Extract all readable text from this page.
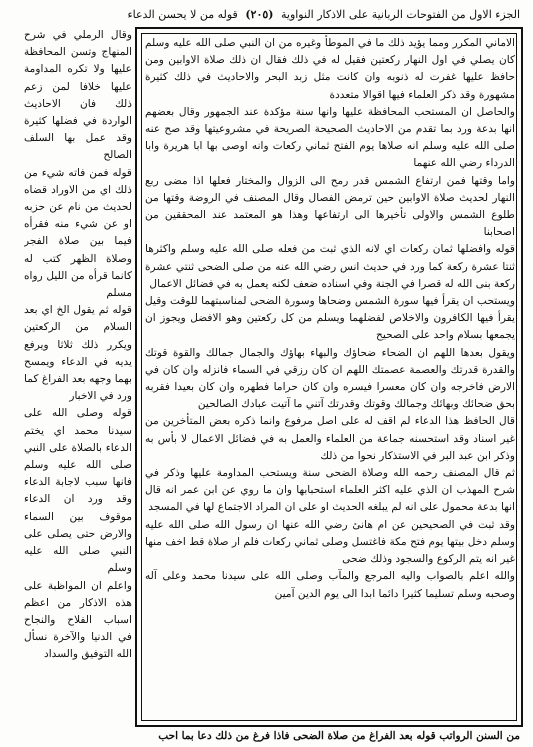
الجزء الاول من الفتوحات الربانية على الاذكار النواوية (٢٠٥) قوله من لا يحسن الدعاء

وقال الرملي في شرح المنهاج وتسن المحافظة عليها ولا تكره المداومة عليها خلافا لمن زعم ذلك فان الاحاديث الواردة في فضلها كثيرة وقد عمل بها السلف الصالح

قوله فمن فاته شيء من ذلك اي من الاوراد قضاه لحديث من نام عن حزبه او عن شيء منه فقرأه فيما بين صلاة الفجر وصلاة الظهر كتب له كانما قرأه من الليل رواه مسلم

قوله ثم يقول الخ اي بعد السلام من الركعتين ويكرر ذلك ثلاثا ويرفع يديه في الدعاء ويمسح بهما وجهه بعد الفراغ كما ورد في الاخبار

قوله وصلى الله على سيدنا محمد اي يختم الدعاء بالصلاة على النبي صلى الله عليه وسلم فانها سبب لاجابة الدعاء وقد ورد ان الدعاء موقوف بين السماء والارض حتى يصلى على النبي صلى الله عليه وسلم

واعلم ان المواظبة على هذه الاذكار من اعظم اسباب الفلاح والنجاح في الدنيا والآخرة نسأل الله التوفيق والسداد

الاماني المكرر ومما يؤيد ذلك ما في الموطأ وغيره من ان النبي صلى الله عليه وسلم كان يصلي في اول النهار ركعتين فقيل له في ذلك فقال ان ذلك صلاة الاوابين ومن حافظ عليها غفرت له ذنوبه وان كانت مثل زبد البحر والاحاديث في ذلك كثيرة مشهورة وقد ذكر العلماء فيها اقوالا متعددة

والحاصل ان المستحب المحافظة عليها وانها سنة مؤكدة عند الجمهور وقال بعضهم انها بدعة ورد بما تقدم من الاحاديث الصحيحة الصريحة في مشروعيتها وقد صح عنه صلى الله عليه وسلم انه صلاها يوم الفتح ثماني ركعات وانه اوصى بها ابا هريرة وابا الدرداء رضي الله عنهما

واما وقتها فمن ارتفاع الشمس قدر رمح الى الزوال والمختار فعلها اذا مضى ربع النهار لحديث صلاة الاوابين حين ترمض الفصال وقال المصنف في الروضة وقتها من طلوع الشمس والاولى تأخيرها الى ارتفاعها وهذا هو المعتمد عند المحققين من اصحابنا

قوله وافضلها ثمان ركعات اي لانه الذي ثبت من فعله صلى الله عليه وسلم واكثرها ثنتا عشرة ركعة كما ورد في حديث انس رضي الله عنه من صلى الضحى ثنتي عشرة ركعة بنى الله له قصرا في الجنة وفي اسناده ضعف لكنه يعمل به في فضائل الاعمال

ويستحب ان يقرأ فيها سورة الشمس وضحاها وسورة الضحى لمناسبتهما للوقت وقيل يقرأ فيها الكافرون والاخلاص لفضلهما ويسلم من كل ركعتين وهو الافضل ويجوز ان يجمعها بسلام واحد على الصحيح

ويقول بعدها اللهم ان الضحاء ضحاؤك والبهاء بهاؤك والجمال جمالك والقوة قوتك والقدرة قدرتك والعصمة عصمتك اللهم ان كان رزقي في السماء فانزله وان كان في الارض فاخرجه وان كان معسرا فيسره وان كان حراما فطهره وان كان بعيدا فقربه بحق ضحائك وبهائك وجمالك وقوتك وقدرتك آتني ما آتيت عبادك الصالحين

قال الحافظ هذا الدعاء لم اقف له على اصل مرفوع وانما ذكره بعض المتأخرين من غير اسناد وقد استحسنه جماعة من العلماء والعمل به في فضائل الاعمال لا بأس به وذكر ابن عبد البر في الاستذكار نحوا من ذلك

ثم قال المصنف رحمه الله وصلاة الضحى سنة ويستحب المداومة عليها وذكر في شرح المهذب ان الذي عليه اكثر العلماء استحبابها وان ما روي عن ابن عمر انه قال انها بدعة محمول على انه لم يبلغه الحديث او على ان المراد الاجتماع لها في المسجد

وقد ثبت في الصحيحين عن ام هانئ رضي الله عنها ان رسول الله صلى الله عليه وسلم دخل بيتها يوم فتح مكة فاغتسل وصلى ثماني ركعات فلم ار صلاة قط اخف منها غير انه يتم الركوع والسجود وذلك ضحى

والله اعلم بالصواب واليه المرجع والمآب وصلى الله على سيدنا محمد وعلى آله وصحبه وسلم تسليما كثيرا دائما ابدا الى يوم الدين آمين

من السنن الرواتب قوله بعد الفراغ من صلاة الضحى فاذا فرغ من ذلك دعا بما احب
